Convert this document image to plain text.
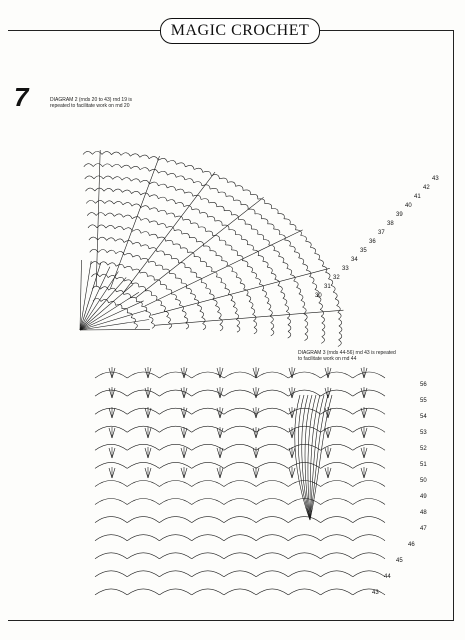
MAGIC CROCHET
7	DIAGRAM 2 (rnds 20 to 43) rnd 19 is
repeated to facilitate work on rnd 20
DIAGRAM 3 (rnds 44-56) rnd 43 is repeated
to facilitate work on rnd 44
43
42
41
40
39
38
37
36
35
34
33
32
31
30
56
55
54
53
52
51
50
49
48
47
46
45
44
43
